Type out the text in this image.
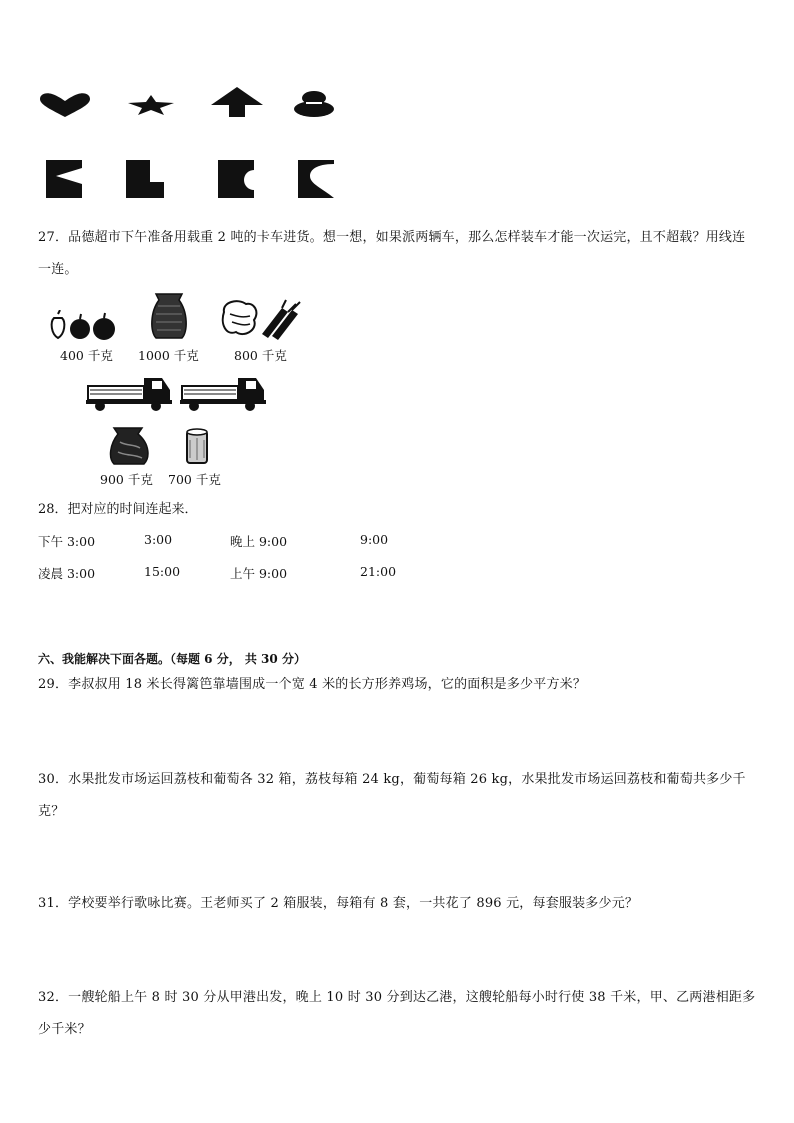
27．品德超市下午准备用载重 2 吨的卡车进货。想一想，如果派两辆车，那么怎样装车才能一次运完，且不超载？用线连一连。
400 千克 1000 千克	800 千克
900 千克 700 千克
28．把对应的时间连起来．
下午 3:00	3:00	晚上 9:00	9:00
凌晨 3:00	15:00	上午 9:00	21:00
六、我能解决下面各题。（每题 6 分， 共 30 分）
29．李叔叔用 18 米长得篱笆靠墙围成一个宽 4 米的长方形养鸡场，它的面积是多少平方米？
30．水果批发市场运回荔枝和葡萄各 32 箱，荔枝每箱 24 kg，葡萄每箱 26 kg，水果批发市场运回荔枝和葡萄共多少千克？
31．学校要举行歌咏比赛。王老师买了 2 箱服装，每箱有 8 套，一共花了 896 元，每套服装多少元？
32．一艘轮船上午 8 时 30 分从甲港出发，晚上 10 时 30 分到达乙港，这艘轮船每小时行使 38 千米，甲、乙两港相距多少千米？
